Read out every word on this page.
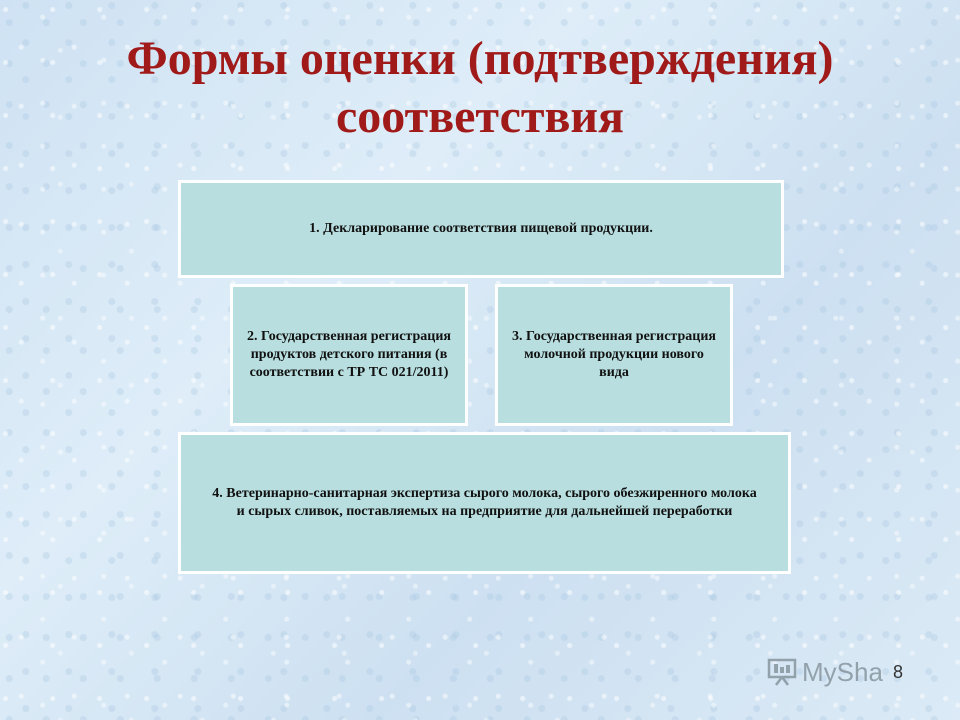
Формы оценки (подтверждения) соответствия
1. Декларирование соответствия пищевой продукции.
2. Государственная регистрация продуктов детского питания (в соответствии с ТР ТС 021/2011)
3. Государственная регистрация молочной продукции нового вида
4. Ветеринарно-санитарная экспертиза сырого молока, сырого обезжиренного молока и сырых сливок, поставляемых на предприятие для дальнейшей переработки
MySha 8
